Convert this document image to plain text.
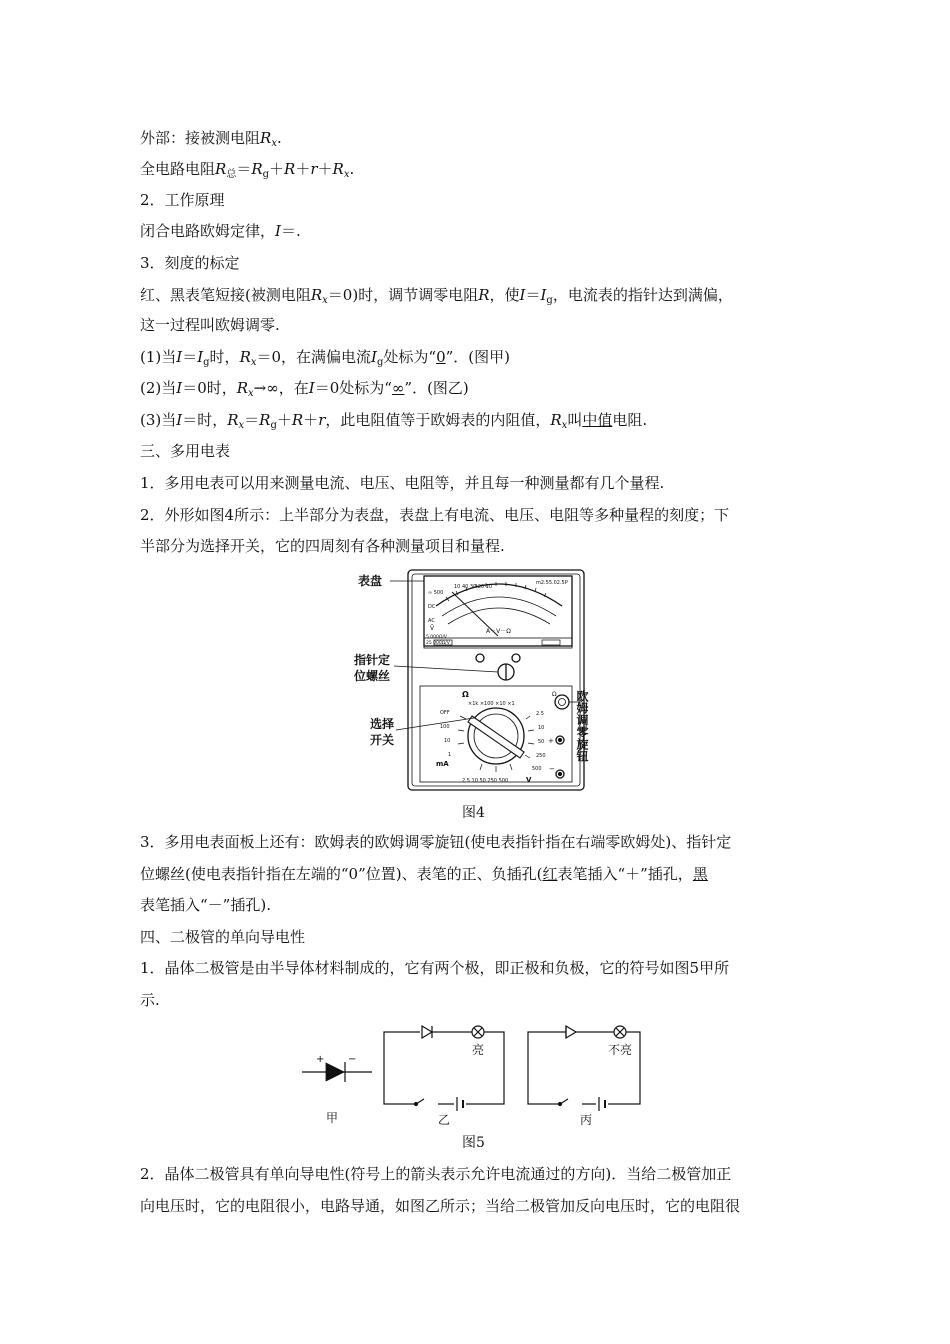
外部：接被测电阻$R_x$.
全电路电阻$R_总=R_g+R+r+R_x$.
2．工作原理
闭合电路欧姆定律，I＝.
3．刻度的标定
红、黑表笔短接(被测电阻$R_x=0$)时，调节调零电阻R，使$I=I_g$，电流表的指针达到满偏，
这一过程叫欧姆调零.
(1)当$I=I_g$时，$R_x=0$，在满偏电流$I_g$处标为“0”．(图甲)
(2)当I＝0时，$R_x\to\infty$，在I＝0处标为“∞”．(图乙)
(3)当I＝时，$R_x=R_g+R+r$，此电阻值等于欧姆表的内阻值，$R_x$叫中值电阻.
三、多用电表
1．多用电表可以用来测量电流、电压、电阻等，并且每一种测量都有几个量程.
2．外形如图4所示：上半部分为表盘，表盘上有电流、电压、电阻等多种量程的刻度；下
半部分为选择开关，它的四周刻有各种测量项目和量程.
10 40 30 20 10
m2.55.02.5P
∞ 500
DC
AC
Ṽ	A－V－Ω
5 000Ω/V
25 000Ω/V
Ω
×1k ×100 ×10 ×1
OFF
100
10
1
mA
2.5
10
50
250
500
2.5 10 50 250 500	V
Ω
+
−
表盘
指针定
位螺丝
选择
开关	欧姆调零旋钮
图4
3．多用电表面板上还有：欧姆表的欧姆调零旋钮(使电表指针指在右端零欧姆处)、指针定
位螺丝(使电表指针指在左端的“0”位置)、表笔的正、负插孔(红表笔插入“＋”插孔，黑
表笔插入“－”插孔).
四、二极管的单向导电性
1．晶体二极管是由半导体材料制成的，它有两个极，即正极和负极，它的符号如图5甲所
示.
+ −
亮	不亮
甲	乙	丙
图5
2．晶体二极管具有单向导电性(符号上的箭头表示允许电流通过的方向)．当给二极管加正
向电压时，它的电阻很小，电路导通，如图乙所示；当给二极管加反向电压时，它的电阻很
